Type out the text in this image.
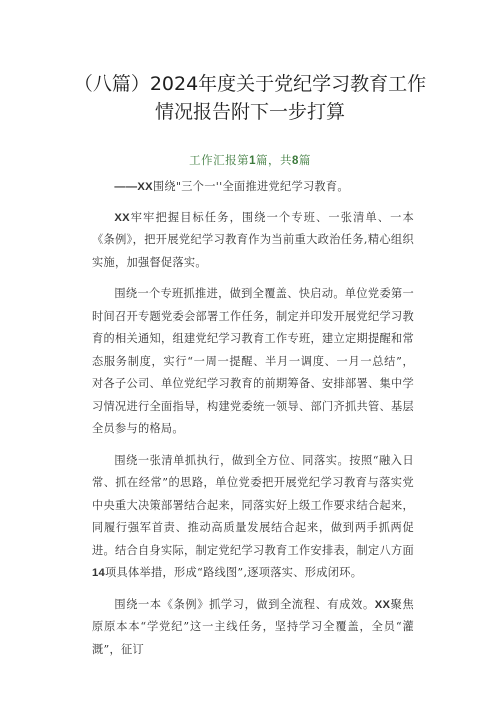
（八篇）2024年度关于党纪学习教育工作
情况报告附下一步打算
工作汇报第1篇，共8篇

——XX围绕"三个一''全面推进党纪学习教育。

XX牢牢把握目标任务，围绕一个专班、一张清单、一本《条例》，把开展党纪学习教育作为当前重大政治任务,精心组织实施，加强督促落实。

围绕一个专班抓推进，做到全覆盖、快启动。单位党委第一时间召开专题党委会部署工作任务，制定并印发开展党纪学习教育的相关通知，组建党纪学习教育工作专班，建立定期提醒和常态服务制度，实行“一周一提醒、半月一调度、一月一总结”，对各子公司、单位党纪学习教育的前期筹备、安排部署、集中学习情况进行全面指导，构建党委统一领导、部门齐抓共管、基层全员参与的格局。

围绕一张清单抓执行，做到全方位、同落实。按照“融入日常、抓在经常”的思路，单位党委把开展党纪学习教育与落实党中央重大决策部署结合起来，同落实好上级工作要求结合起来，同履行强军首责、推动高质量发展结合起来，做到两手抓两促进。结合自身实际，制定党纪学习教育工作安排表，制定八方面14项具体举措，形成“路线图”,逐项落实、形成闭环。

围绕一本《条例》抓学习，做到全流程、有成效。XX聚焦原原本本“学党纪”这一主线任务，坚持学习全覆盖，全员“灌溉”，征订
